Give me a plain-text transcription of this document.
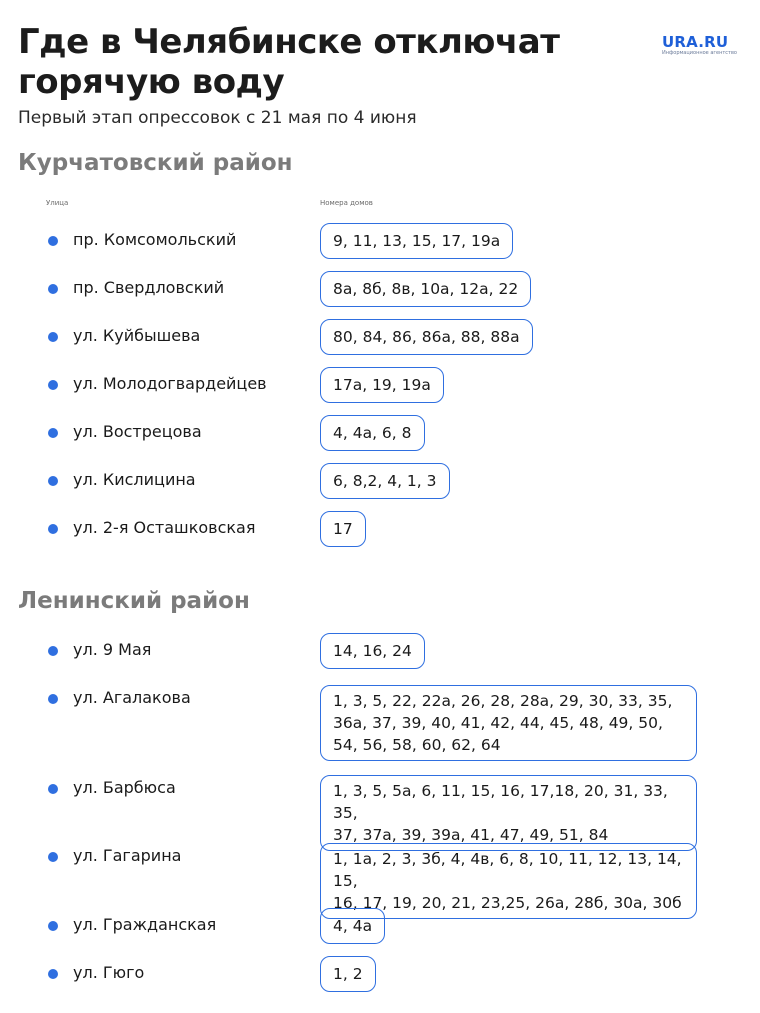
Где в Челябинске отключат горячую воду
URA.RU
Информационное агентство
Первый этап опрессовок с 21 мая по 4 июня
Курчатовский район
Улица	Номера домов
пр. Комсомольский	9, 11, 13, 15, 17, 19а
пр. Свердловский	8а, 8б, 8в, 10а, 12а, 22
ул. Куйбышева	80, 84, 86, 86а, 88, 88а
ул. Молодогвардейцев	17а, 19, 19а
ул. Вострецова	4, 4а, 6, 8
ул. Кислицина	6, 8,2, 4, 1, 3
ул. 2-я Осташковская	17
Ленинский район
ул. 9 Мая	14, 16, 24
ул. Агалакова	1, 3, 5, 22, 22а, 26, 28, 28а, 29, 30, 33, 35,
36а, 37, 39, 40, 41, 42, 44, 45, 48, 49, 50,
54, 56, 58, 60, 62, 64
ул. Барбюса	1, 3, 5, 5а, 6, 11, 15, 16, 17,18, 20, 31, 33, 35,
37, 37а, 39, 39а, 41, 47, 49, 51, 84
ул. Гагарина	1, 1а, 2, 3, 3б, 4, 4в, 6, 8, 10, 11, 12, 13, 14, 15,
16, 17, 19, 20, 21, 23,25, 26а, 28б, 30а, 30б
ул. Гражданская	4, 4а
ул. Гюго	1, 2
